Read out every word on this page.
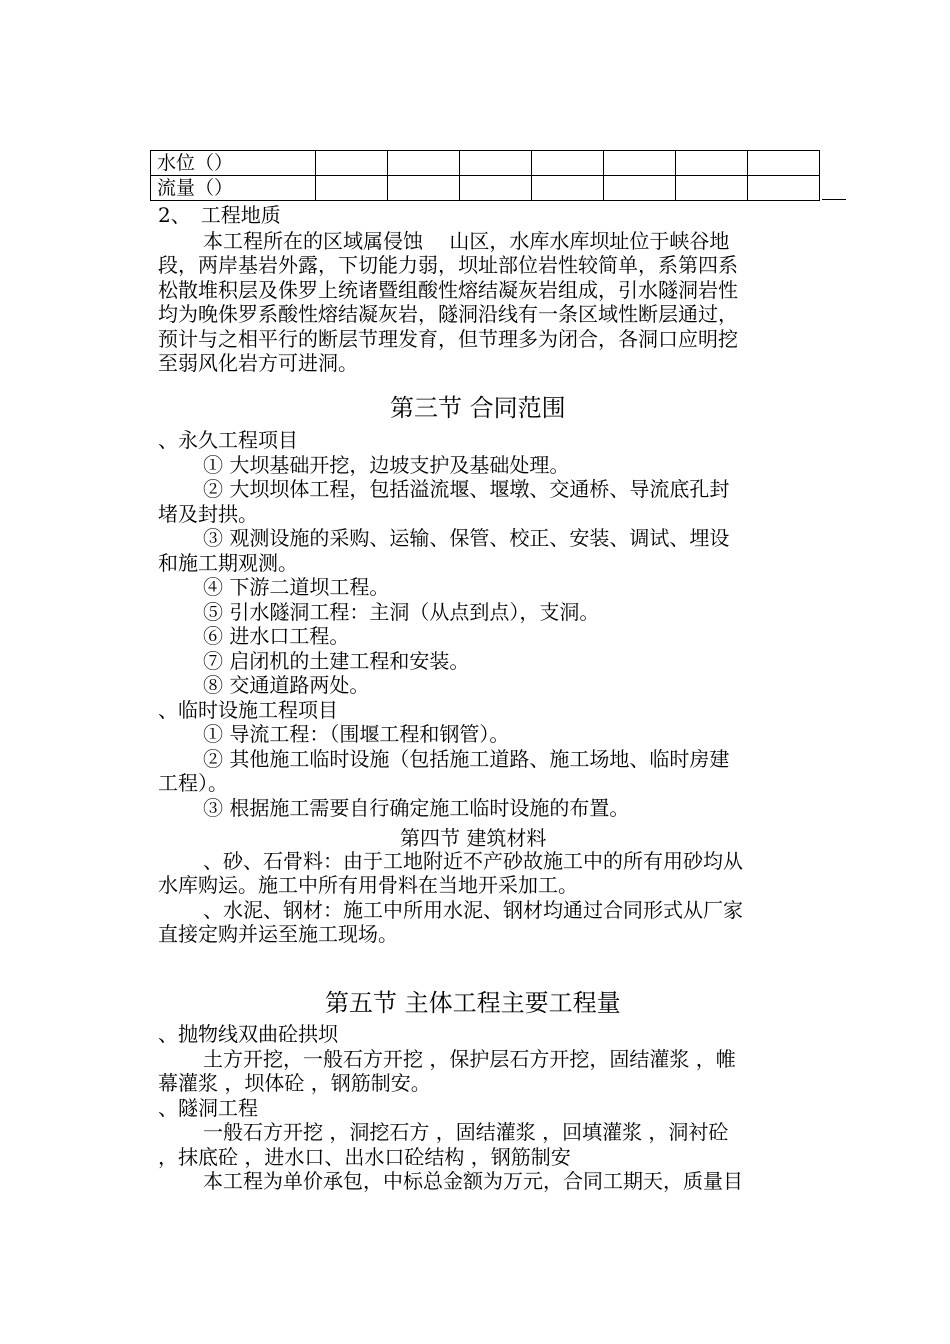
水位（）							
流量（）							
2、　工程地质
本工程所在的区域属侵蚀　 山区，水库水库坝址位于峡谷地
段，两岸基岩外露，下切能力弱，坝址部位岩性较简单，系第四系
松散堆积层及侏罗上统诸暨组酸性熔结凝灰岩组成，引水隧洞岩性
均为晚侏罗系酸性熔结凝灰岩，隧洞沿线有一条区域性断层通过，
预计与之相平行的断层节理发育，但节理多为闭合，各洞口应明挖
至弱风化岩方可进洞。
第三节 合同范围
、永久工程项目
① 大坝基础开挖，边坡支护及基础处理。
② 大坝坝体工程，包括溢流堰、堰墩、交通桥、导流底孔封
堵及封拱。
③ 观测设施的采购、运输、保管、校正、安装、调试、埋设
和施工期观测。
④ 下游二道坝工程。
⑤ 引水隧洞工程：主洞（从点到点），支洞。
⑥ 进水口工程。
⑦ 启闭机的土建工程和安装。
⑧ 交通道路两处。
、临时设施工程项目
① 导流工程：（围堰工程和钢管）。
② 其他施工临时设施（包括施工道路、施工场地、临时房建
工程）。
③ 根据施工需要自行确定施工临时设施的布置。
第四节 建筑材料
、砂、石骨料：由于工地附近不产砂故施工中的所有用砂均从
水库购运。施工中所有用骨料在当地开采加工。
、水泥、钢材：施工中所用水泥、钢材均通过合同形式从厂家
直接定购并运至施工现场。
第五节 主体工程主要工程量
、抛物线双曲砼拱坝
土方开挖，一般石方开挖 ，保护层石方开挖，固结灌浆 ，帷
幕灌浆 ，坝体砼 ，钢筋制安。
、隧洞工程
一般石方开挖 ，洞挖石方 ，固结灌浆 ，回填灌浆 ，洞衬砼
，抹底砼 ，进水口、出水口砼结构 ，钢筋制安
本工程为单价承包，中标总金额为万元，合同工期天，质量目
